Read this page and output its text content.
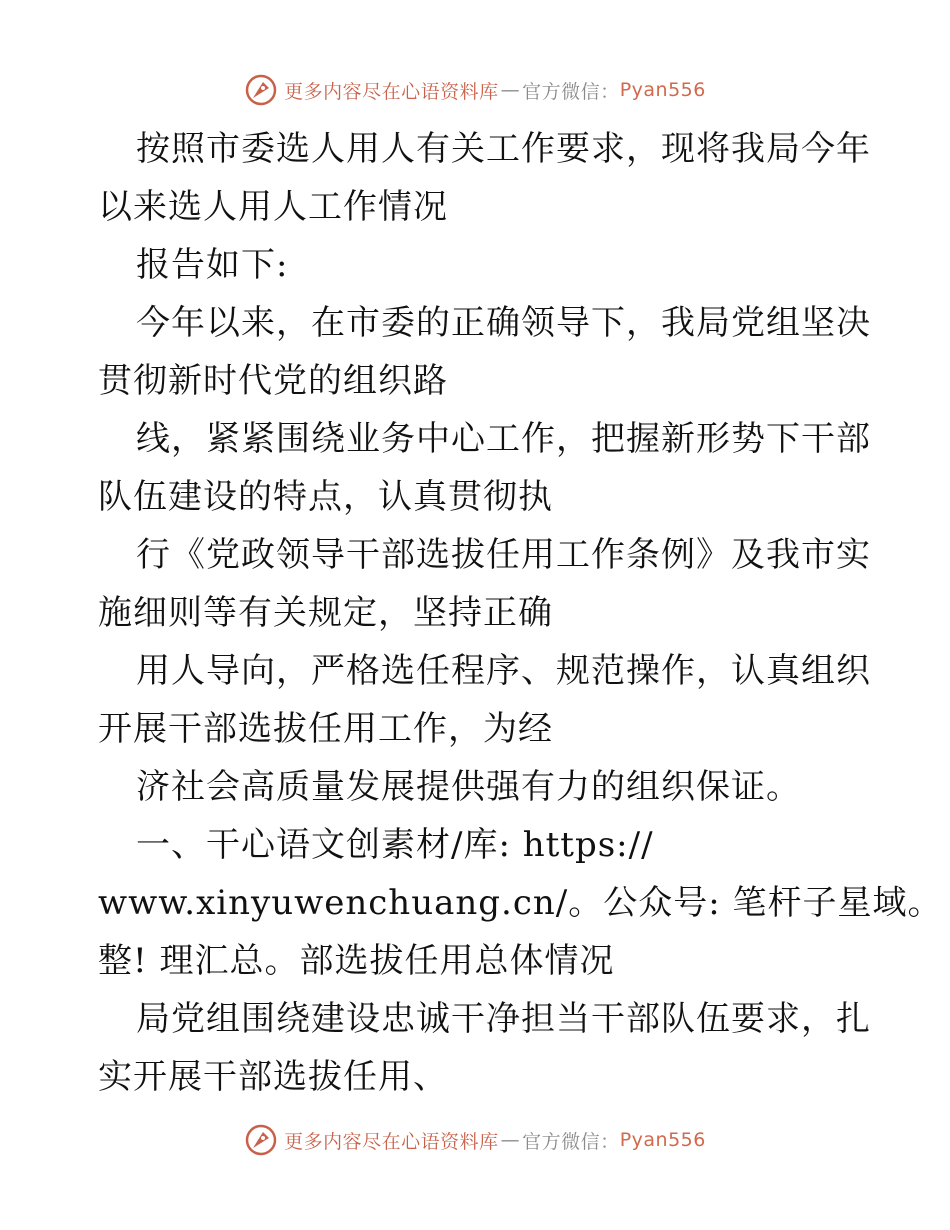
更多内容尽在心语资料库 — 官方微信： Pyan556
按照市委选人用人有关工作要求，现将我局今年
以来选人用人工作情况
报告如下:
今年以来，在市委的正确领导下，我局党组坚决
贯彻新时代党的组织路
线，紧紧围绕业务中心工作，把握新形势下干部
队伍建设的特点，认真贯彻执
行《党政领导干部选拔任用工作条例》及我市实
施细则等有关规定，坚持正确
用人导向，严格选任程序、规范操作，认真组织
开展干部选拔任用工作，为经
济社会高质量发展提供强有力的组织保证。
一、干心语文创素材/库: https://
www.xinyuwenchuang.cn/。公众号: 笔杆子星域。
整! 理汇总。部选拔任用总体情况
局党组围绕建设忠诚干净担当干部队伍要求，扎
实开展干部选拔任用、
更多内容尽在心语资料库 — 官方微信： Pyan556
